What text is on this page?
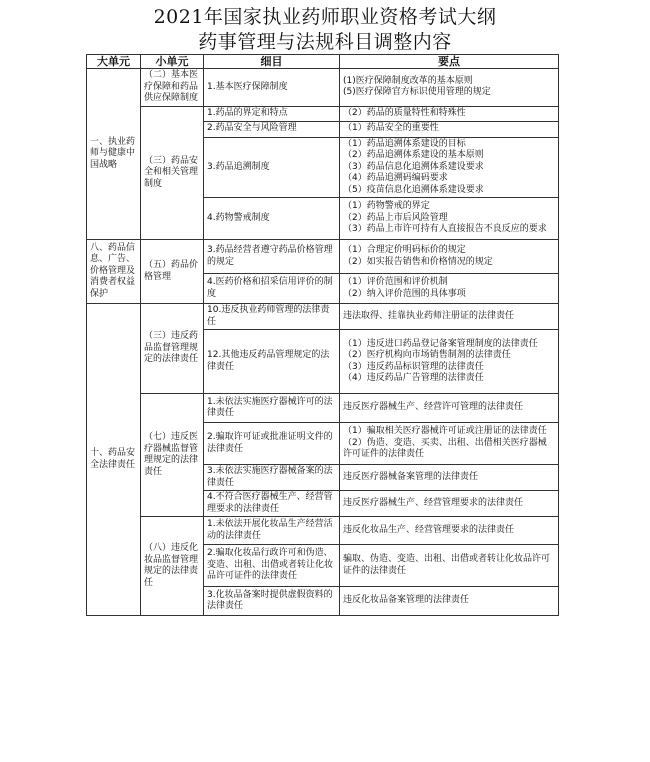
2021年国家执业药师职业资格考试大纲
药事管理与法规科目调整内容
大单元	小单元	细目	要点
一、执业药师与健康中国战略	（二）基本医疗保障和药品供应保障制度	1.基本医疗保障制度	(1)医疗保障制度改革的基本原则
(5)医疗保障官方标识使用管理的规定

	（三）药品安全和相关管理制度	1.药品的界定和特点	（2）药品的质量特性和特殊性

		2.药品安全与风险管理	（1）药品安全的重要性

		3.药品追溯制度	（1）药品追溯体系建设的目标
（2）药品追溯体系建设的基本原则
（3）药品信息化追溯体系建设要求
（4）药品追溯码编码要求
（5）疫苗信息化追溯体系建设要求

		4.药物警戒制度	（1）药物警戒的界定
（2）药品上市后风险管理
（3）药品上市许可持有人直接报告不良反应的要求

八、药品信息、广告、价格管理及消费者权益保护	（五）药品价格管理	3.药品经营者遵守药品价格管理的规定	（1）合理定价明码标价的规定
（2）如实报告销售和价格情况的规定

		4.医药价格和招采信用评价的制度	（1）评价范围和评价机制
（2）纳入评价范围的具体事项

十、药品安全法律责任	（三）违反药品监督管理规定的法律责任	10.违反执业药师管理的法律责任	违法取得、挂靠执业药师注册证的法律责任

		12.其他违反药品管理规定的法律责任	（1）违反进口药品登记备案管理制度的法律责任
（2）医疗机构向市场销售制剂的法律责任
（3）违反药品标识管理的法律责任
（4）违反药品广告管理的法律责任

	（七）违反医疗器械监督管理规定的法律责任	1.未依法实施医疗器械许可的法律责任	违反医疗器械生产、经营许可管理的法律责任

		2.骗取许可证或批准证明文件的法律责任	（1）骗取相关医疗器械许可证或注册证的法律责任
（2）伪造、变造、买卖、出租、出借相关医疗器械许可证件的法律责任

		3.未依法实施医疗器械备案的法律责任	违反医疗器械备案管理的法律责任

		4.不符合医疗器械生产、经营管理要求的法律责任	违反医疗器械生产、经营管理要求的法律责任

	（八）违反化妆品监督管理规定的法律责任	1.未依法开展化妆品生产经营活动的法律责任	违反化妆品生产、经营管理要求的法律责任

		2.骗取化妆品行政许可和伪造、变造、出租、出借或者转让化妆品许可证件的法律责任	骗取、伪造、变造、出租、出借或者转让化妆品许可证件的法律责任

		3.化妆品备案时提供虚假资料的法律责任	违反化妆品备案管理的法律责任
